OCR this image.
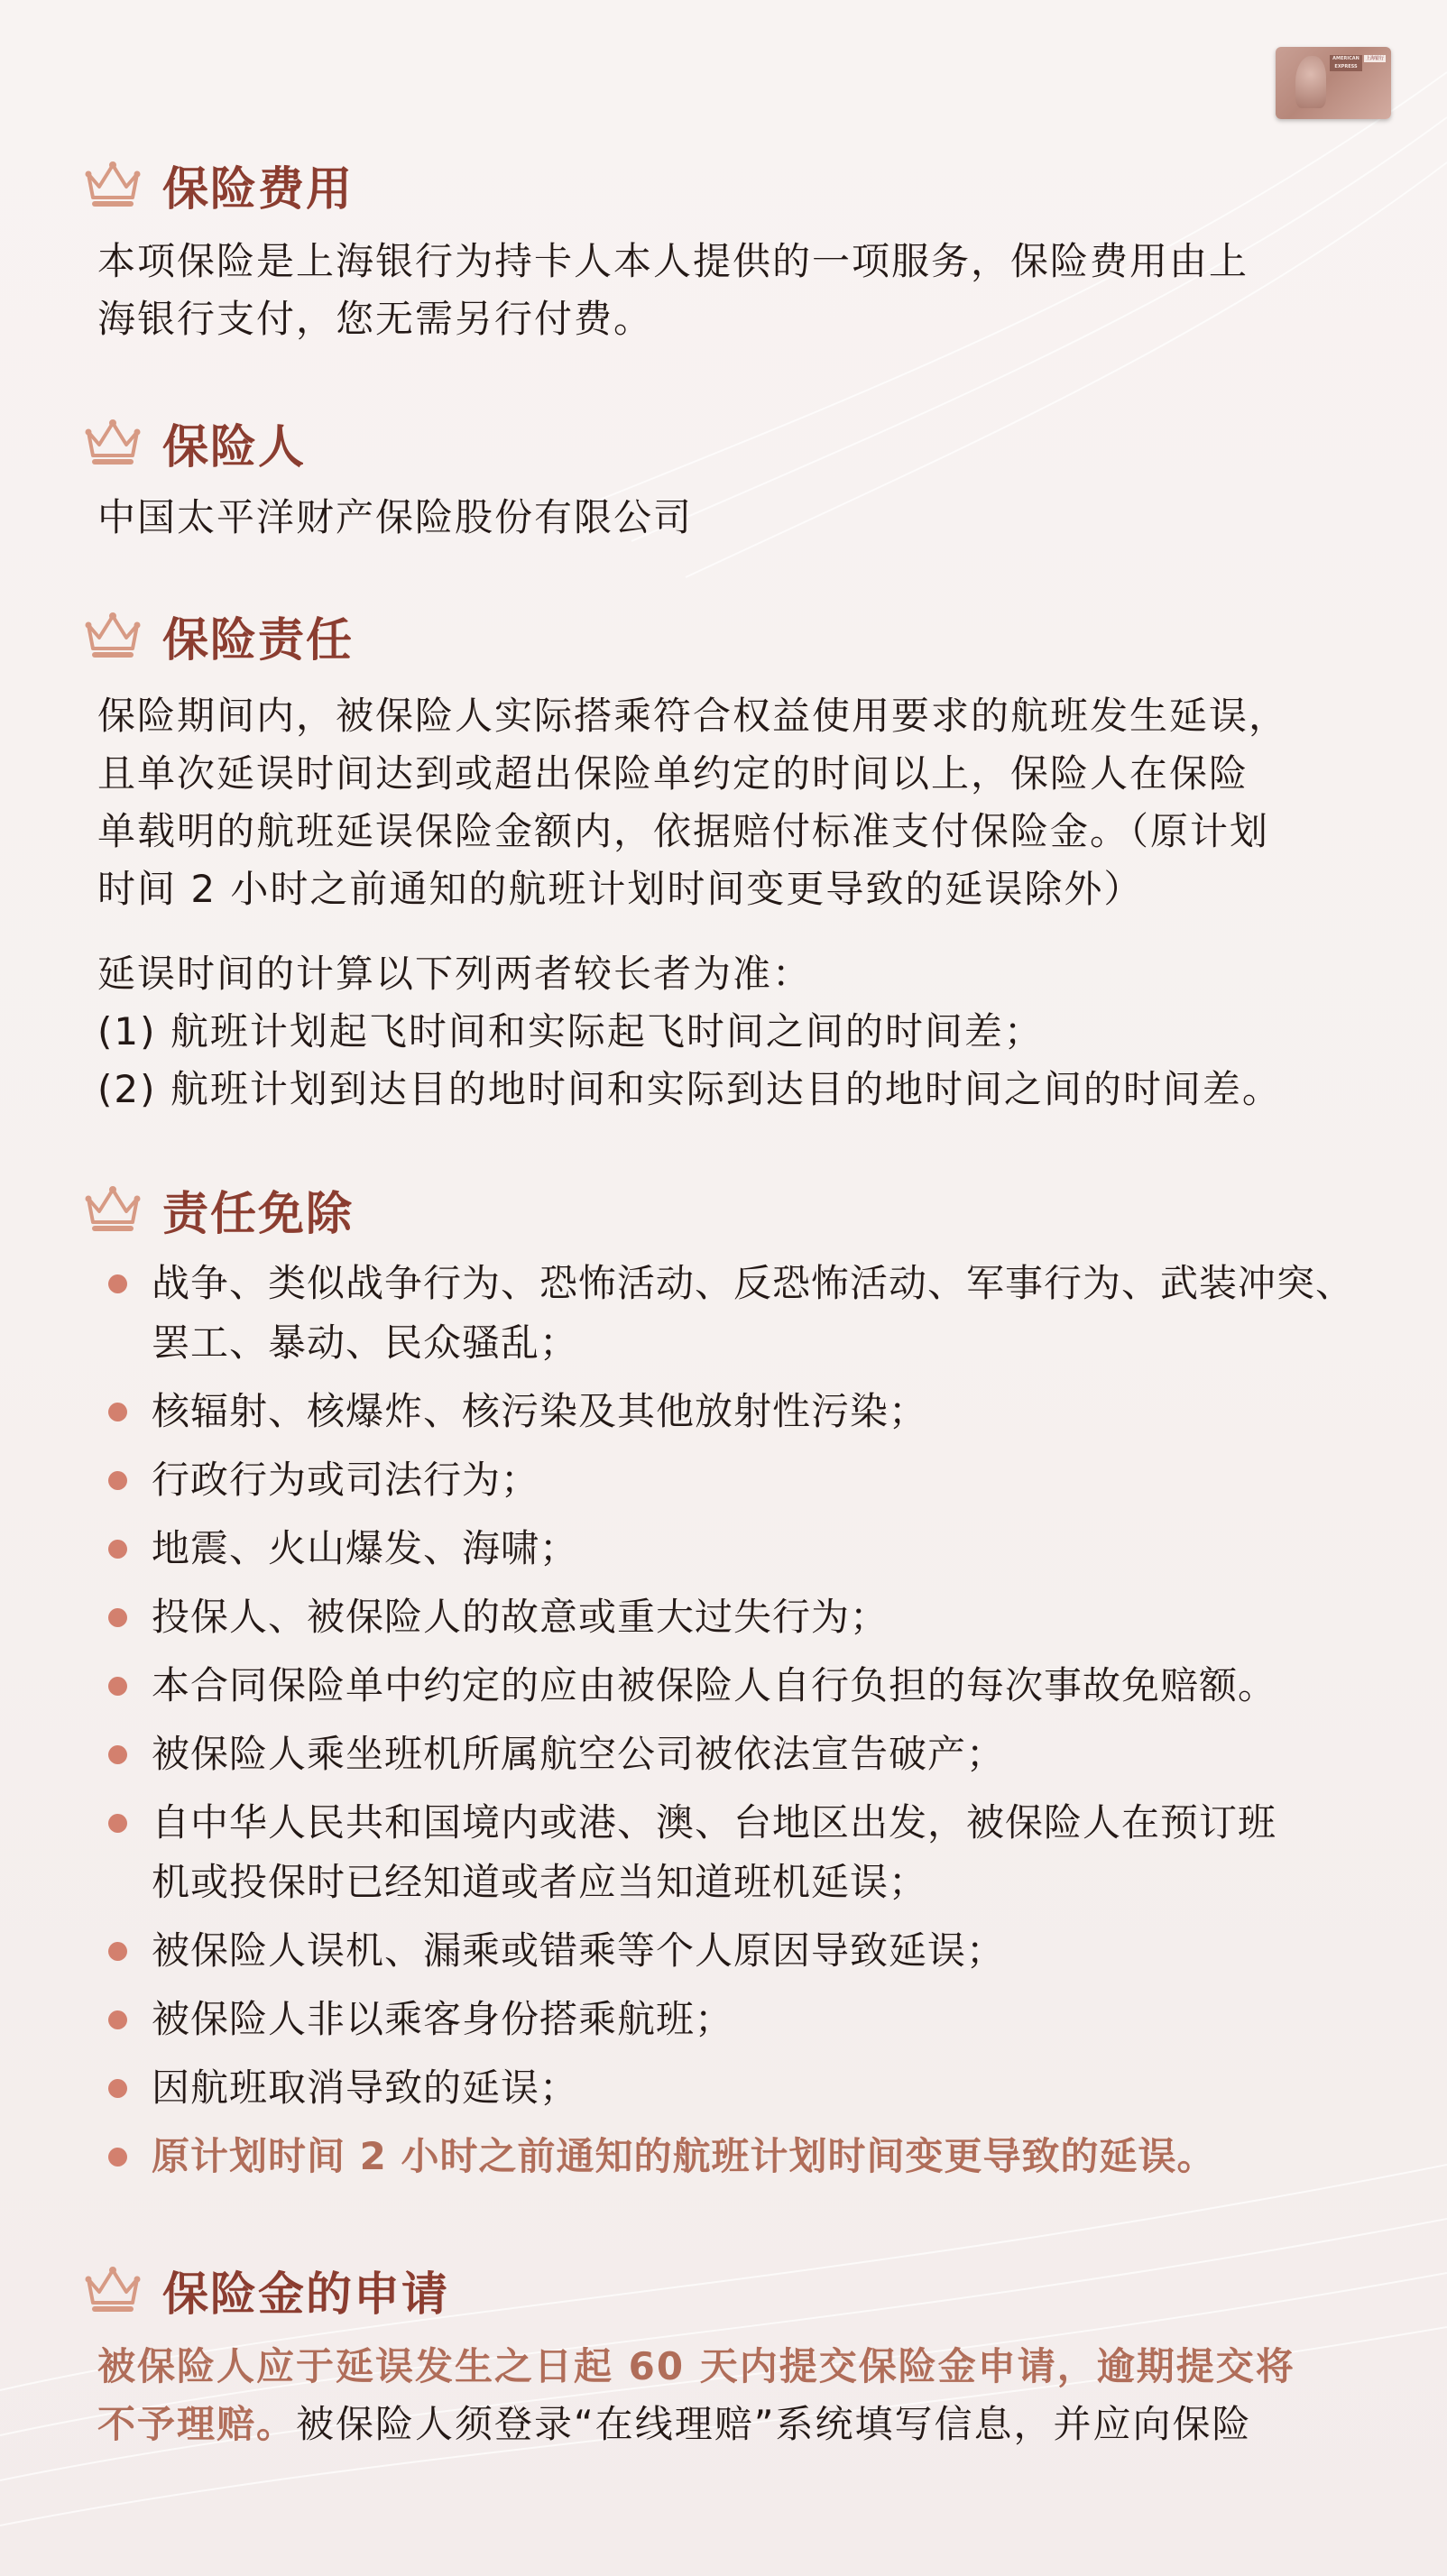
AMERICAN
EXPRESS
上海银行
保险费用

本项保险是上海银行为持卡人本人提供的一项服务，保险费用由上
海银行支付，您无需另行付费。

保险人

中国太平洋财产保险股份有限公司

保险责任

保险期间内，被保险人实际搭乘符合权益使用要求的航班发生延误，
且单次延误时间达到或超出保险单约定的时间以上，保险人在保险
单载明的航班延误保险金额内，依据赔付标准支付保险金。（原计划
时间 2 小时之前通知的航班计划时间变更导致的延误除外）

延误时间的计算以下列两者较长者为准：
(1) 航班计划起飞时间和实际起飞时间之间的时间差；
(2) 航班计划到达目的地时间和实际到达目的地时间之间的时间差。

责任免除
战争、类似战争行为、恐怖活动、反恐怖活动、军事行为、武装冲突、
罢工、暴动、民众骚乱；
核辐射、核爆炸、核污染及其他放射性污染；
行政行为或司法行为；
地震、火山爆发、海啸；
投保人、被保险人的故意或重大过失行为；
本合同保险单中约定的应由被保险人自行负担的每次事故免赔额。
被保险人乘坐班机所属航空公司被依法宣告破产；
自中华人民共和国境内或港、澳、台地区出发，被保险人在预订班
机或投保时已经知道或者应当知道班机延误；
被保险人误机、漏乘或错乘等个人原因导致延误；
被保险人非以乘客身份搭乘航班；
因航班取消导致的延误；
原计划时间 2 小时之前通知的航班计划时间变更导致的延误。
保险金的申请

被保险人应于延误发生之日起 60 天内提交保险金申请，逾期提交将
不予理赔。被保险人须登录“在线理赔”系统填写信息，并应向保险
